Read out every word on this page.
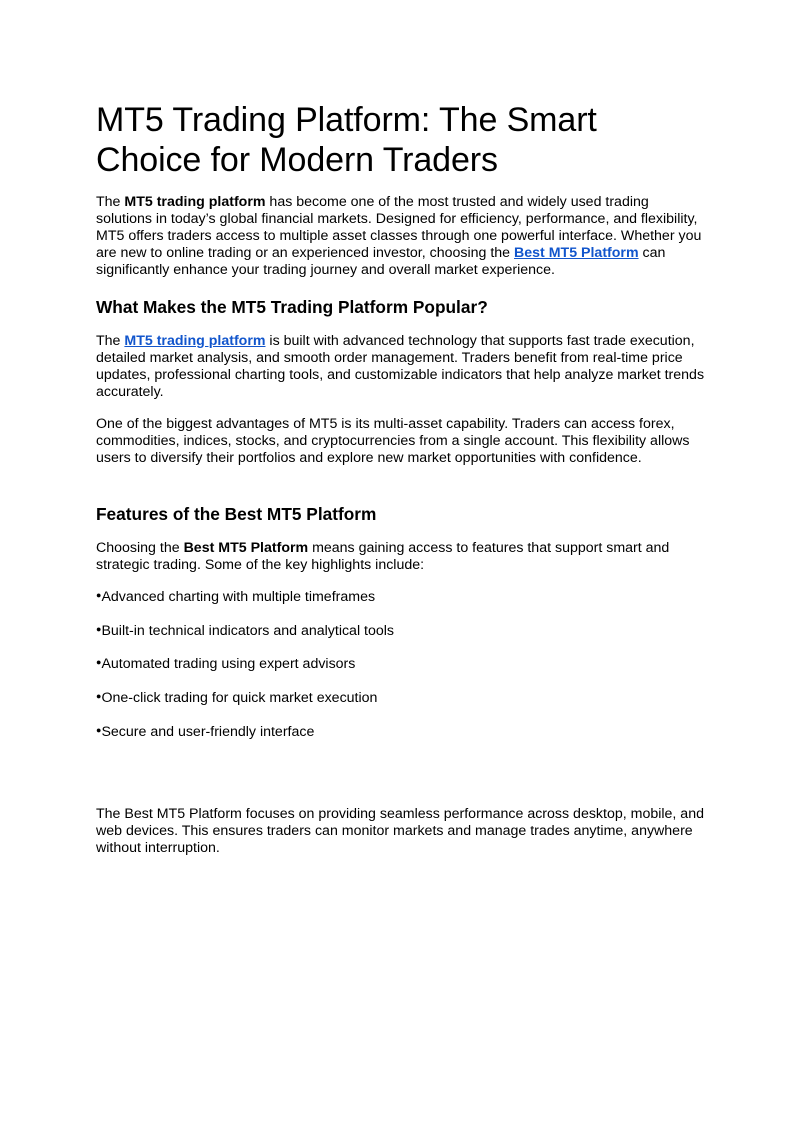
MT5 Trading Platform: The Smart Choice for Modern Traders

The MT5 trading platform has become one of the most trusted and widely used trading solutions in today’s global financial markets. Designed for efficiency, performance, and flexibility, MT5 offers traders access to multiple asset classes through one powerful interface. Whether you are new to online trading or an experienced investor, choosing the Best MT5 Platform can significantly enhance your trading journey and overall market experience.

What Makes the MT5 Trading Platform Popular?

The MT5 trading platform is built with advanced technology that supports fast trade execution, detailed market analysis, and smooth order management. Traders benefit from real-time price updates, professional charting tools, and customizable indicators that help analyze market trends accurately.

One of the biggest advantages of MT5 is its multi-asset capability. Traders can access forex, commodities, indices, stocks, and cryptocurrencies from a single account. This flexibility allows users to diversify their portfolios and explore new market opportunities with confidence.

Features of the Best MT5 Platform

Choosing the Best MT5 Platform means gaining access to features that support smart and strategic trading. Some of the key highlights include:

●Advanced charting with multiple timeframes
●Built-in technical indicators and analytical tools
●Automated trading using expert advisors
●One-click trading for quick market execution
●Secure and user-friendly interface

The Best MT5 Platform focuses on providing seamless performance across desktop, mobile, and web devices. This ensures traders can monitor markets and manage trades anytime, anywhere without interruption.
